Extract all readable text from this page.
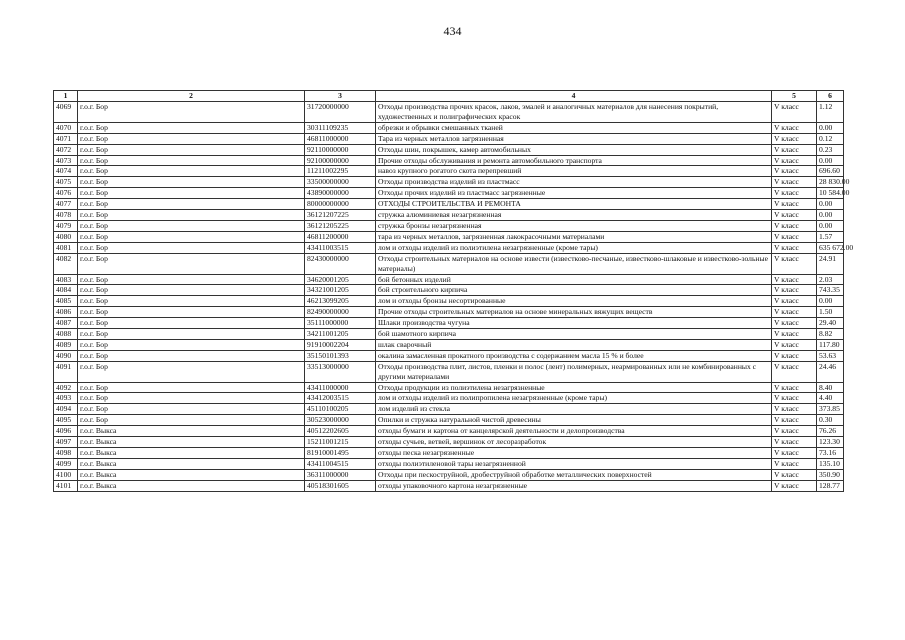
434
1	2	3	4	5	6
4069	г.о.г. Бор	31720000000	Отходы производства прочих красок, лаков, эмалей и аналогичных материалов для нанесения покрытий, художественных и полиграфических красок	V класс	1.12
4070	г.о.г. Бор	30311109235	обрезки и обрывки смешанных тканей	V класс	0.00
4071	г.о.г. Бор	46811000000	Тара из черных металлов загрязненная	V класс	0.12
4072	г.о.г. Бор	92110000000	Отходы шин, покрышек, камер автомобильных	V класс	0.23
4073	г.о.г. Бор	92100000000	Прочие отходы обслуживания и ремонта автомобильного транспорта	V класс	0.00
4074	г.о.г. Бор	11211002295	навоз крупного рогатого скота перепревший	V класс	696.60
4075	г.о.г. Бор	33500000000	Отходы производства изделий из пластмасс	V класс	28 830.00
4076	г.о.г. Бор	43890000000	Отходы прочих изделий из пластмасс загрязненные	V класс	10 584.00
4077	г.о.г. Бор	80000000000	ОТХОДЫ СТРОИТЕЛЬСТВА И РЕМОНТА	V класс	0.00
4078	г.о.г. Бор	36121207225	стружка алюминиевая незагрязненная	V класс	0.00
4079	г.о.г. Бор	36121205225	стружка бронзы незагрязненная	V класс	0.00
4080	г.о.г. Бор	46811200000	тара из черных металлов, загрязненная лакокрасочными материалами	V класс	1.57
4081	г.о.г. Бор	43411003515	лом и отходы изделий из полиэтилена незагрязненные (кроме тары)	V класс	635 672.00
4082	г.о.г. Бор	82430000000	Отходы строительных материалов на основе извести (известково-песчаные, известково-шлаковые и известково-зольные материалы)	V класс	24.91
4083	г.о.г. Бор	34620001205	бой бетонных изделий	V класс	2.03
4084	г.о.г. Бор	34321001205	бой строительного кирпича	V класс	743.35
4085	г.о.г. Бор	46213099205	лом и отходы бронзы несортированные	V класс	0.00
4086	г.о.г. Бор	82490000000	Прочие отходы строительных материалов на основе минеральных вяжущих веществ	V класс	1.50
4087	г.о.г. Бор	35111000000	Шлаки производства чугуна	V класс	29.40
4088	г.о.г. Бор	34211001205	бой шамотного кирпича	V класс	8.82
4089	г.о.г. Бор	91910002204	шлак сварочный	V класс	117.80
4090	г.о.г. Бор	35150101393	окалина замасленная прокатного производства с содержанием масла 15 % и более	V класс	53.63
4091	г.о.г. Бор	33513000000	Отходы производства плит, листов, пленки и полос (лент) полимерных, неармированных или не комбинированных с другими материалами	V класс	24.46
4092	г.о.г. Бор	43411000000	Отходы продукции из полиэтилена незагрязненные	V класс	8.40
4093	г.о.г. Бор	43412003515	лом и отходы изделий из полипропилена незагрязненные (кроме тары)	V класс	4.40
4094	г.о.г. Бор	45110100205	лом изделий из стекла	V класс	373.85
4095	г.о.г. Бор	30523000000	Опилки и стружка натуральной чистой древесины	V класс	0.30
4096	г.о.г. Выкса	40512202605	отходы бумаги и картона от канцелярской деятельности и делопроизводства	V класс	76.26
4097	г.о.г. Выкса	15211001215	отходы сучьев, ветвей, вершинок от лесоразработок	V класс	123.30
4098	г.о.г. Выкса	81910001495	отходы песка незагрязненные	V класс	73.16
4099	г.о.г. Выкса	43411004515	отходы полиэтиленовой тары незагрязненной	V класс	135.10
4100	г.о.г. Выкса	36311000000	Отходы при пескоструйной, дробеструйной обработке металлических поверхностей	V класс	350.90
4101	г.о.г. Выкса	40518301605	отходы упаковочного картона незагрязненные	V класс	128.77
